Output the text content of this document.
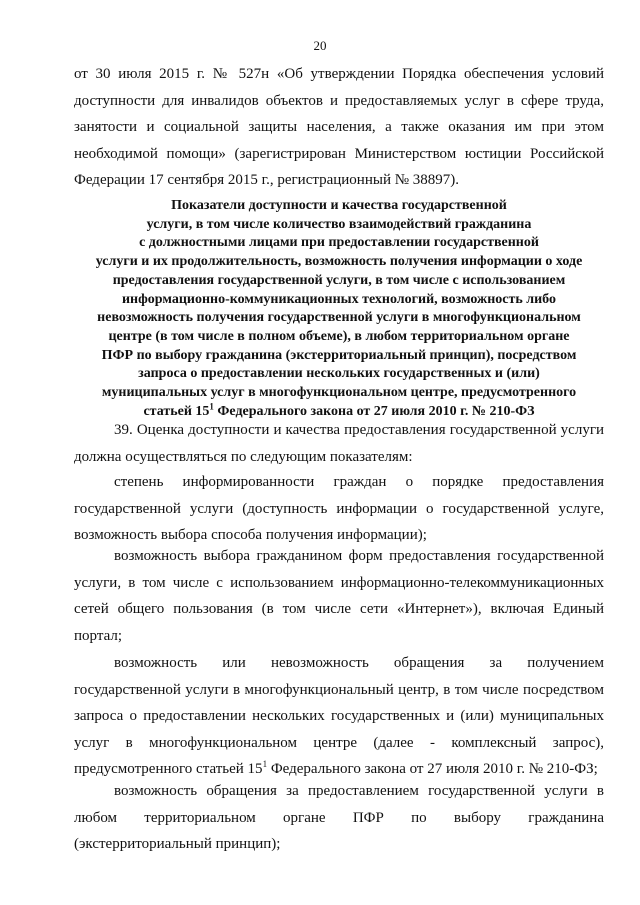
20
от 30 июля 2015 г. № 527н «Об утверждении Порядка обеспечения условий доступности для инвалидов объектов и предоставляемых услуг в сфере труда, занятости и социальной защиты населения, а также оказания им при этом необходимой помощи» (зарегистрирован Министерством юстиции Российской Федерации 17 сентября 2015 г., регистрационный № 38897).
Показатели доступности и качества государственной
услуги, в том числе количество взаимодействий гражданина
с должностными лицами при предоставлении государственной
услуги и их продолжительность, возможность получения информации о ходе
предоставления государственной услуги, в том числе с использованием
информационно-коммуникационных технологий, возможность либо
невозможность получения государственной услуги в многофункциональном
центре (в том числе в полном объеме), в любом территориальном органе
ПФР по выбору гражданина (экстерриториальный принцип), посредством
запроса о предоставлении нескольких государственных и (или)
муниципальных услуг в многофункциональном центре, предусмотренного
статьей $15^1$ Федерального закона от 27 июля 2010 г. № 210-ФЗ
39. Оценка доступности и качества предоставления государственной услуги должна осуществляться по следующим показателям:
степень информированности граждан о порядке предоставления государственной услуги (доступность информации о государственной услуге, возможность выбора способа получения информации);
возможность выбора гражданином форм предоставления государственной услуги, в том числе с использованием информационно-телекоммуникационных сетей общего пользования (в том числе сети «Интернет»), включая Единый портал;
возможность или невозможность обращения за получением государственной услуги в многофункциональный центр, в том числе посредством запроса о предоставлении нескольких государственных и (или) муниципальных услуг в многофункциональном центре (далее - комплексный запрос), предусмотренного статьей $15^1$ Федерального закона от 27 июля 2010 г. № 210-ФЗ;
возможность обращения за предоставлением государственной услуги в любом территориальном органе ПФР по выбору гражданина (экстерриториальный принцип);
